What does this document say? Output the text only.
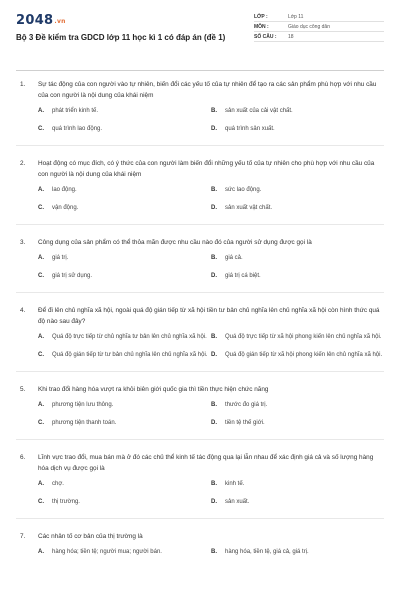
2048.vn
Bộ 3 Đề kiểm tra GDCD lớp 11 học kì 1 có đáp án (đề 1)
LỚP :	Lớp 11
MÔN :	Giáo dục công dân
SỐ CÂU :	18
1.	Sự tác động của con người vào tự nhiên, biến đổi các yếu tố của tự nhiên để tạo ra các sản phẩm phù hợp với nhu cầu của con người là nội dung của khái niệm
A.	phát triển kinh tế.	B.	sản xuất của cải vật chất.
C.	quá trình lao động.	D.	quá trình sản xuất.
2.	Hoạt động có mục đích, có ý thức của con người làm biến đổi những yếu tố của tự nhiên cho phù hợp với nhu cầu của con người là nội dung của khái niệm
A.	lao động.	B.	sức lao động.
C.	vận động.	D.	sản xuất vật chất.
3.	Công dụng của sản phẩm có thể thỏa mãn được nhu cầu nào đó của người sử dụng được gọi là
A.	giá trị.	B.	giá cả.
C.	giá trị sử dụng.	D.	giá trị cá biệt.
4.	Để đi lên chủ nghĩa xã hội, ngoài quá độ gián tiếp từ xã hội tiền tư bản chủ nghĩa lên chủ nghĩa xã hội còn hình thức quá độ nào sau đây?
A.	Quá độ trực tiếp từ chủ nghĩa tư bản lên chủ nghĩa xã hội. B.	Quá độ trực tiếp từ xã hội phong kiến lên chủ nghĩa xã hội.
C.	Quá độ gián tiếp từ tư bản chủ nghĩa lên chủ nghĩa xã hội. D.	Quá độ gián tiếp từ xã hội phong kiến lên chủ nghĩa xã hội.
5.	Khi trao đổi hàng hóa vượt ra khỏi biên giới quốc gia thì tiền thực hiện chức năng
A.	phương tiện lưu thông.	B.	thước đo giá trị.
C.	phương tiện thanh toán.	D.	tiền tệ thế giới.
6.	Lĩnh vực trao đổi, mua bán mà ở đó các chủ thể kinh tế tác động qua lại lẫn nhau để xác định giá cả và số lượng hàng hóa dịch vụ được gọi là
A.	chợ.	B.	kinh tế.
C.	thị trường.	D.	sản xuất.
7.	Các nhân tố cơ bản của thị trường là
A.	hàng hóa; tiền tệ; người mua; người bán.	B.	hàng hóa, tiền tệ, giá cả, giá trị.
